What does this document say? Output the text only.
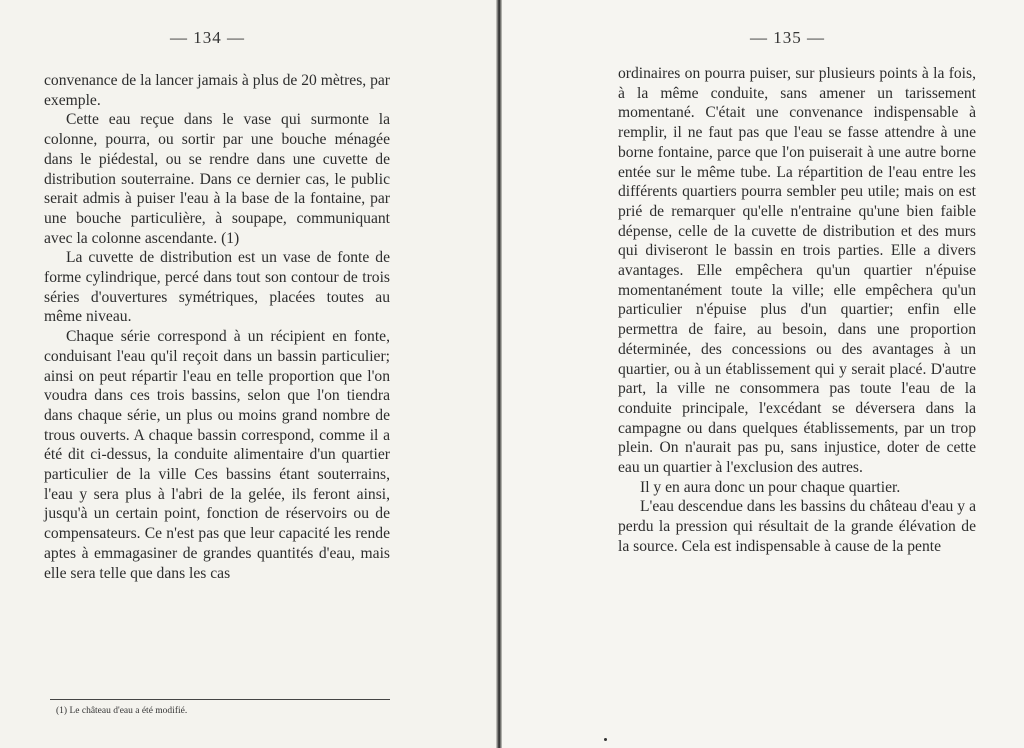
— 134 —

convenance de la lancer jamais à plus de 20 mètres, par exemple.

Cette eau reçue dans le vase qui surmonte la colonne, pourra, ou sortir par une bouche ménagée dans le piédestal, ou se rendre dans une cuvette de distribution souterraine. Dans ce dernier cas, le public serait admis à puiser l'eau à la base de la fontaine, par une bouche particulière, à soupape, communiquant avec la colonne ascendante. (1)

La cuvette de distribution est un vase de fonte de forme cylindrique, percé dans tout son contour de trois séries d'ouvertures symétriques, placées toutes au même niveau.

Chaque série correspond à un récipient en fonte, conduisant l'eau qu'il reçoit dans un bassin particulier; ainsi on peut répartir l'eau en telle proportion que l'on voudra dans ces trois bassins, selon que l'on tiendra dans chaque série, un plus ou moins grand nombre de trous ouverts. A chaque bassin correspond, comme il a été dit ci-dessus, la conduite alimentaire d'un quartier particulier de la ville Ces bassins étant souterrains, l'eau y sera plus à l'abri de la gelée, ils feront ainsi, jusqu'à un certain point, fonction de réservoirs ou de compensateurs. Ce n'est pas que leur capacité les rende aptes à emmagasiner de grandes quantités d'eau, mais elle sera telle que dans les cas

(1) Le château d'eau a été modifié.
— 135 —

ordinaires on pourra puiser, sur plusieurs points à la fois, à la même conduite, sans amener un tarissement momentané. C'était une convenance indispensable à remplir, il ne faut pas que l'eau se fasse attendre à une borne fontaine, parce que l'on puiserait à une autre borne entée sur le même tube. La répartition de l'eau entre les différents quartiers pourra sembler peu utile; mais on est prié de remarquer qu'elle n'entraine qu'une bien faible dépense, celle de la cuvette de distribution et des murs qui diviseront le bassin en trois parties. Elle a divers avantages. Elle empêchera qu'un quartier n'épuise momentanément toute la ville; elle empêchera qu'un particulier n'épuise plus d'un quartier; enfin elle permettra de faire, au besoin, dans une proportion déterminée, des concessions ou des avantages à un quartier, ou à un établissement qui y serait placé. D'autre part, la ville ne consommera pas toute l'eau de la conduite principale, l'excédant se déversera dans la campagne ou dans quelques établissements, par un trop plein. On n'aurait pas pu, sans injustice, doter de cette eau un quartier à l'exclusion des autres.

Il y en aura donc un pour chaque quartier.

L'eau descendue dans les bassins du château d'eau y a perdu la pression qui résultait de la grande élévation de la source. Cela est indispensable à cause de la pente
